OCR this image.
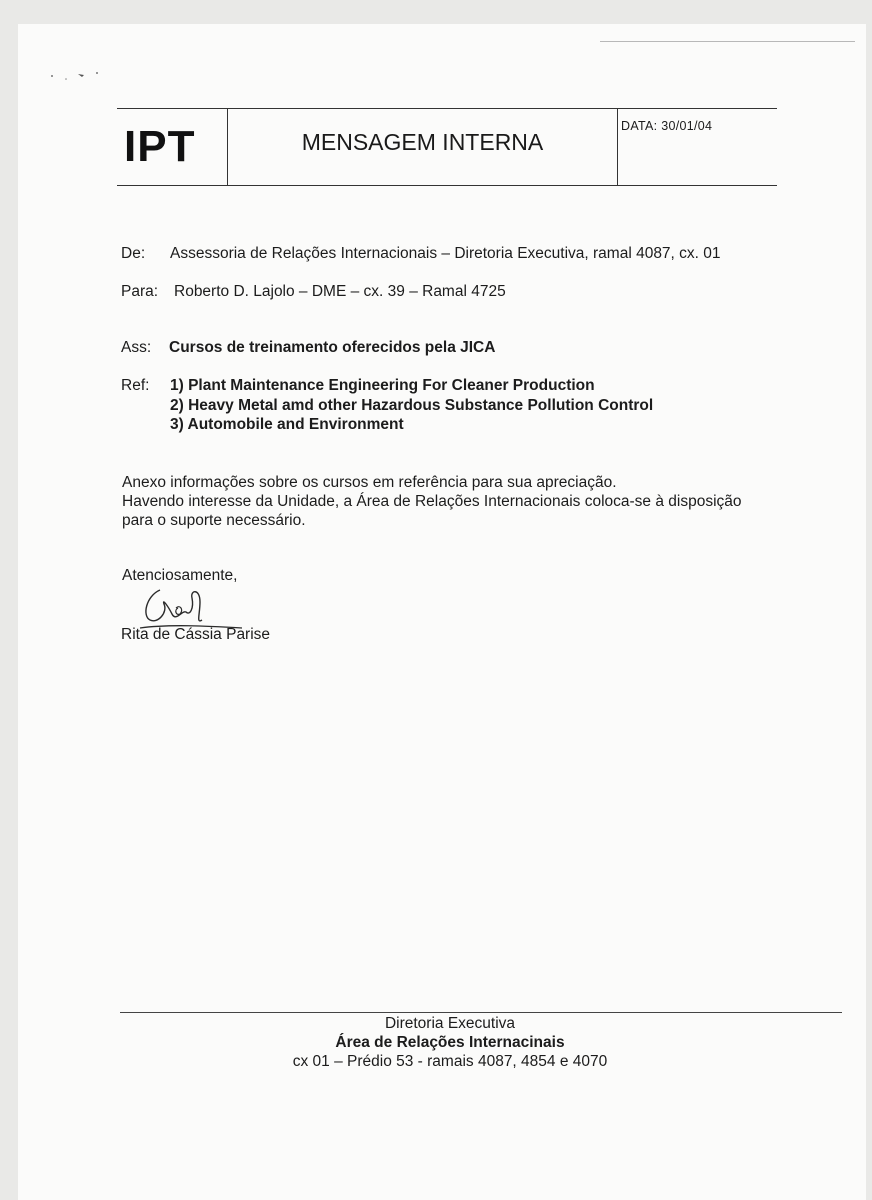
IPT	MENSAGEM INTERNA
DATA: 30/01/04
De: Assessoria de Relações Internacionais – Diretoria Executiva, ramal 4087, cx. 01
Para: Roberto D. Lajolo – DME – cx. 39 – Ramal 4725
Ass: Cursos de treinamento oferecidos pela JICA
Ref: 1) Plant Maintenance Engineering For Cleaner Production
2) Heavy Metal amd other Hazardous Substance Pollution Control
3) Automobile and Environment
Anexo informações sobre os cursos em referência para sua apreciação.
Havendo interesse da Unidade, a Área de Relações Internacionais coloca-se à disposição
para o suporte necessário.
Atenciosamente,
Rita de Cássia Parise
Diretoria Executiva
Área de Relações Internacinais
cx 01 – Prédio 53 - ramais 4087, 4854 e 4070
